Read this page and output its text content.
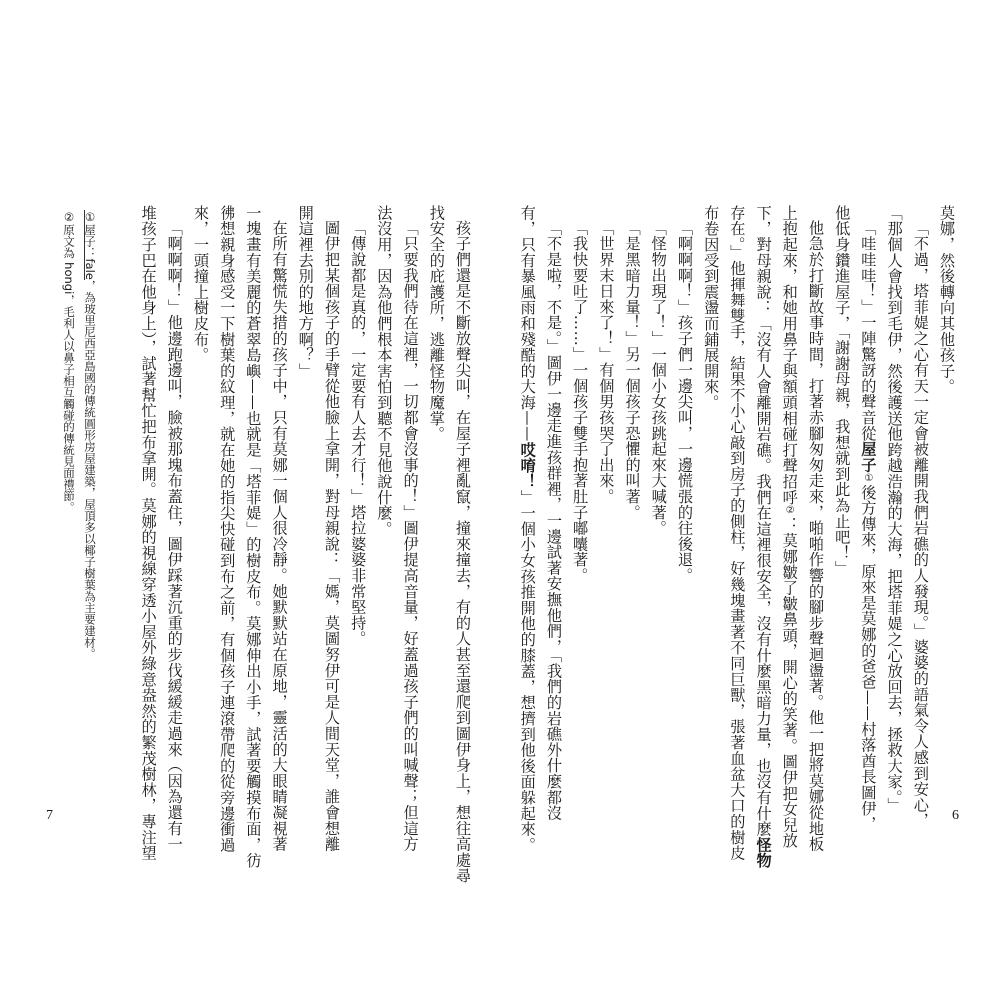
莫娜，然後轉向其他孩子。

「不過，塔菲媞之心有天一定會被離開我們岩礁的人發現。」婆婆的語氣令人感到安心，

「那個人會找到毛伊，然後護送他跨越浩瀚的大海，把塔菲媞之心放回去，拯救大家。」

「哇哇哇！」一陣驚訝的聲音從屋子①後方傳來，原來是莫娜的爸爸——村落酋長圖伊，

他低身鑽進屋子，「謝謝母親，我想就到此為止吧！」

他急於打斷故事時間，打著赤腳匆匆走來，啪啪作響的腳步聲迴盪著。他一把將莫娜從地板

上抱起來，和她用鼻子與額頭相碰打聲招呼②：莫娜皺了皺鼻頭，開心的笑著。圖伊把女兒放

下，對母親說：「沒有人會離開岩礁。我們在這裡很安全，沒有什麼黑暗力量，也沒有什麼怪物

存在。」他揮舞雙手，結果不小心敲到房子的側柱，好幾塊畫著不同巨獸，張著血盆大口的樹皮

布卷因受到震盪而鋪展開來。

「啊啊啊！」孩子們一邊尖叫，一邊慌張的往後退。

「怪物出現了！」一個小女孩跳起來大喊著。

「是黑暗力量！」另一個孩子恐懼的叫著。

「世界末日來了！」有個男孩哭了出來。

「我快要吐了……」一個孩子雙手抱著肚子嘟囔著。

「不是啦，不是。」圖伊一邊走進孩群裡，一邊試著安撫他們，「我們的岩礁外什麼都沒

有，只有暴風雨和殘酷的大海——哎唷！」一個小女孩推開他的膝蓋，想擠到他後面躲起來。	6

孩子們還是不斷放聲尖叫，在屋子裡亂竄，撞來撞去，有的人甚至還爬到圖伊身上，想往高處尋

找安全的庇護所，逃離怪物魔掌。

「只要我們待在這裡，一切都會沒事的！」圖伊提高音量，好蓋過孩子們的叫喊聲；但這方

法沒用，因為他們根本害怕到聽不見他說什麼。

「傳說都是真的，一定要有人去才行！」塔拉婆婆非常堅持。

圖伊把某個孩子的手臂從他臉上拿開，對母親說：「媽，莫圖努伊可是人間天堂，誰會想離

開這裡去別的地方啊？」

在所有驚慌失措的孩子中，只有莫娜一個人很冷靜。她默默站在原地，靈活的大眼睛凝視著

一塊畫有美麗的蒼翠島嶼——也就是「塔菲媞」的樹皮布。莫娜伸出小手，試著要觸摸布面，彷

彿想親身感受一下樹葉的紋理，就在她的指尖快碰到布之前，有個孩子連滾帶爬的從旁邊衝過

來，一頭撞上樹皮布。

「啊啊啊！」他邊跑邊叫，臉被那塊布蓋住，圖伊踩著沉重的步伐緩緩走過來（因為還有一

堆孩子巴在他身上），試著幫忙把布拿開。莫娜的視線穿透小屋外綠意盎然的繁茂樹林，專注望

①屋子：fale，為玻里尼西亞島國的傳統圓形房屋建築，屋頂多以椰子樹葉為主要建材。

②原文為 hongi，毛利人以鼻子相互觸碰的傳統見面禮節。

7
